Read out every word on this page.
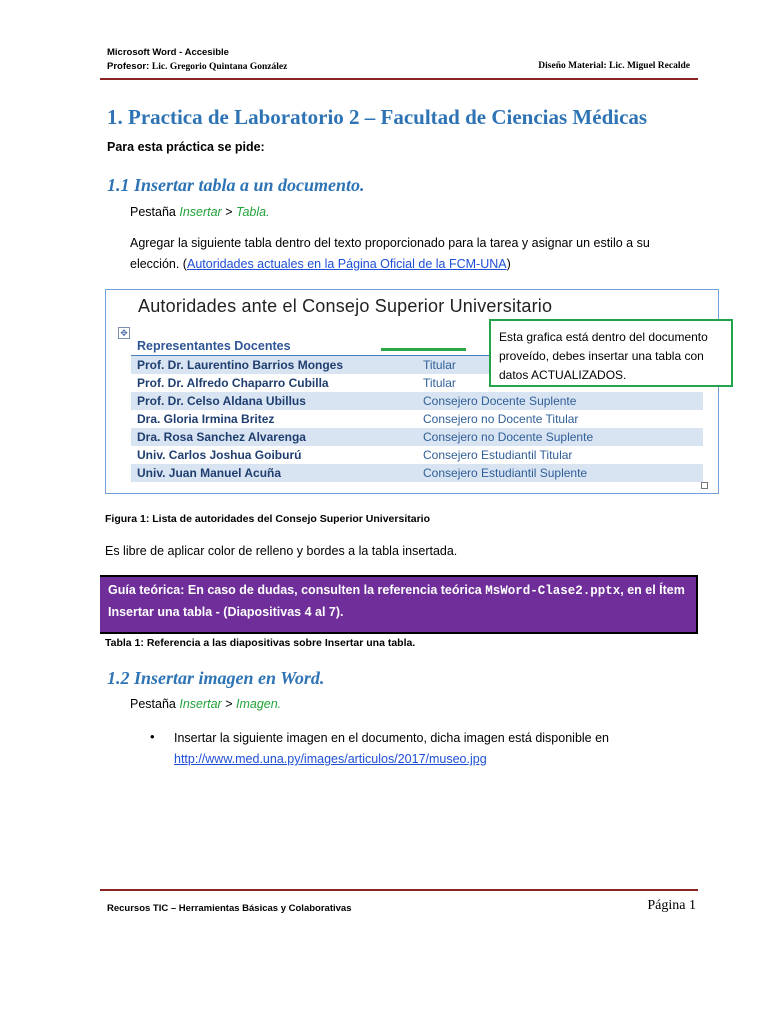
Microsoft Word - Accesible
Profesor: Lic. Gregorio Quintana González	Diseño Material: Lic. Miguel Recalde
1. Practica de Laboratorio 2 – Facultad de Ciencias Médicas
Para esta práctica se pide:
1.1 Insertar tabla a un documento.
Pestaña Insertar > Tabla.
Agregar la siguiente tabla dentro del texto proporcionado para la tarea y asignar un estilo a su elección. (Autoridades actuales en la Página Oficial de la FCM-UNA)
Autoridades ante el Consejo Superior Universitario
✥
Representantes Docentes	
Prof. Dr. Laurentino Barrios Monges	Titular
Prof. Dr. Alfredo Chaparro Cubilla	Titular
Prof. Dr. Celso Aldana Ubillus	Consejero Docente Suplente
Dra. Gloria Irmina Britez	Consejero no Docente Titular
Dra. Rosa Sanchez Alvarenga	Consejero no Docente Suplente
Univ. Carlos Joshua Goiburú	Consejero Estudiantil Titular
Univ. Juan Manuel Acuña	Consejero Estudiantil Suplente
Esta grafica está dentro del documento proveído, debes insertar una tabla con datos ACTUALIZADOS.
Figura 1: Lista de autoridades del Consejo Superior Universitario
Es libre de aplicar color de relleno y bordes a la tabla insertada.
Guía teórica: En caso de dudas, consulten la referencia teórica MsWord-Clase2.pptx, en el Ítem Insertar una tabla - (Diapositivas 4 al 7).
Tabla 1: Referencia a las diapositivas sobre Insertar una tabla.
1.2 Insertar imagen en Word.
Pestaña Insertar > Imagen.
• Insertar la siguiente imagen en el documento, dicha imagen está disponible en
http://www.med.una.py/images/articulos/2017/museo.jpg
Recursos TIC – Herramientas Básicas y Colaborativas	Página 1
